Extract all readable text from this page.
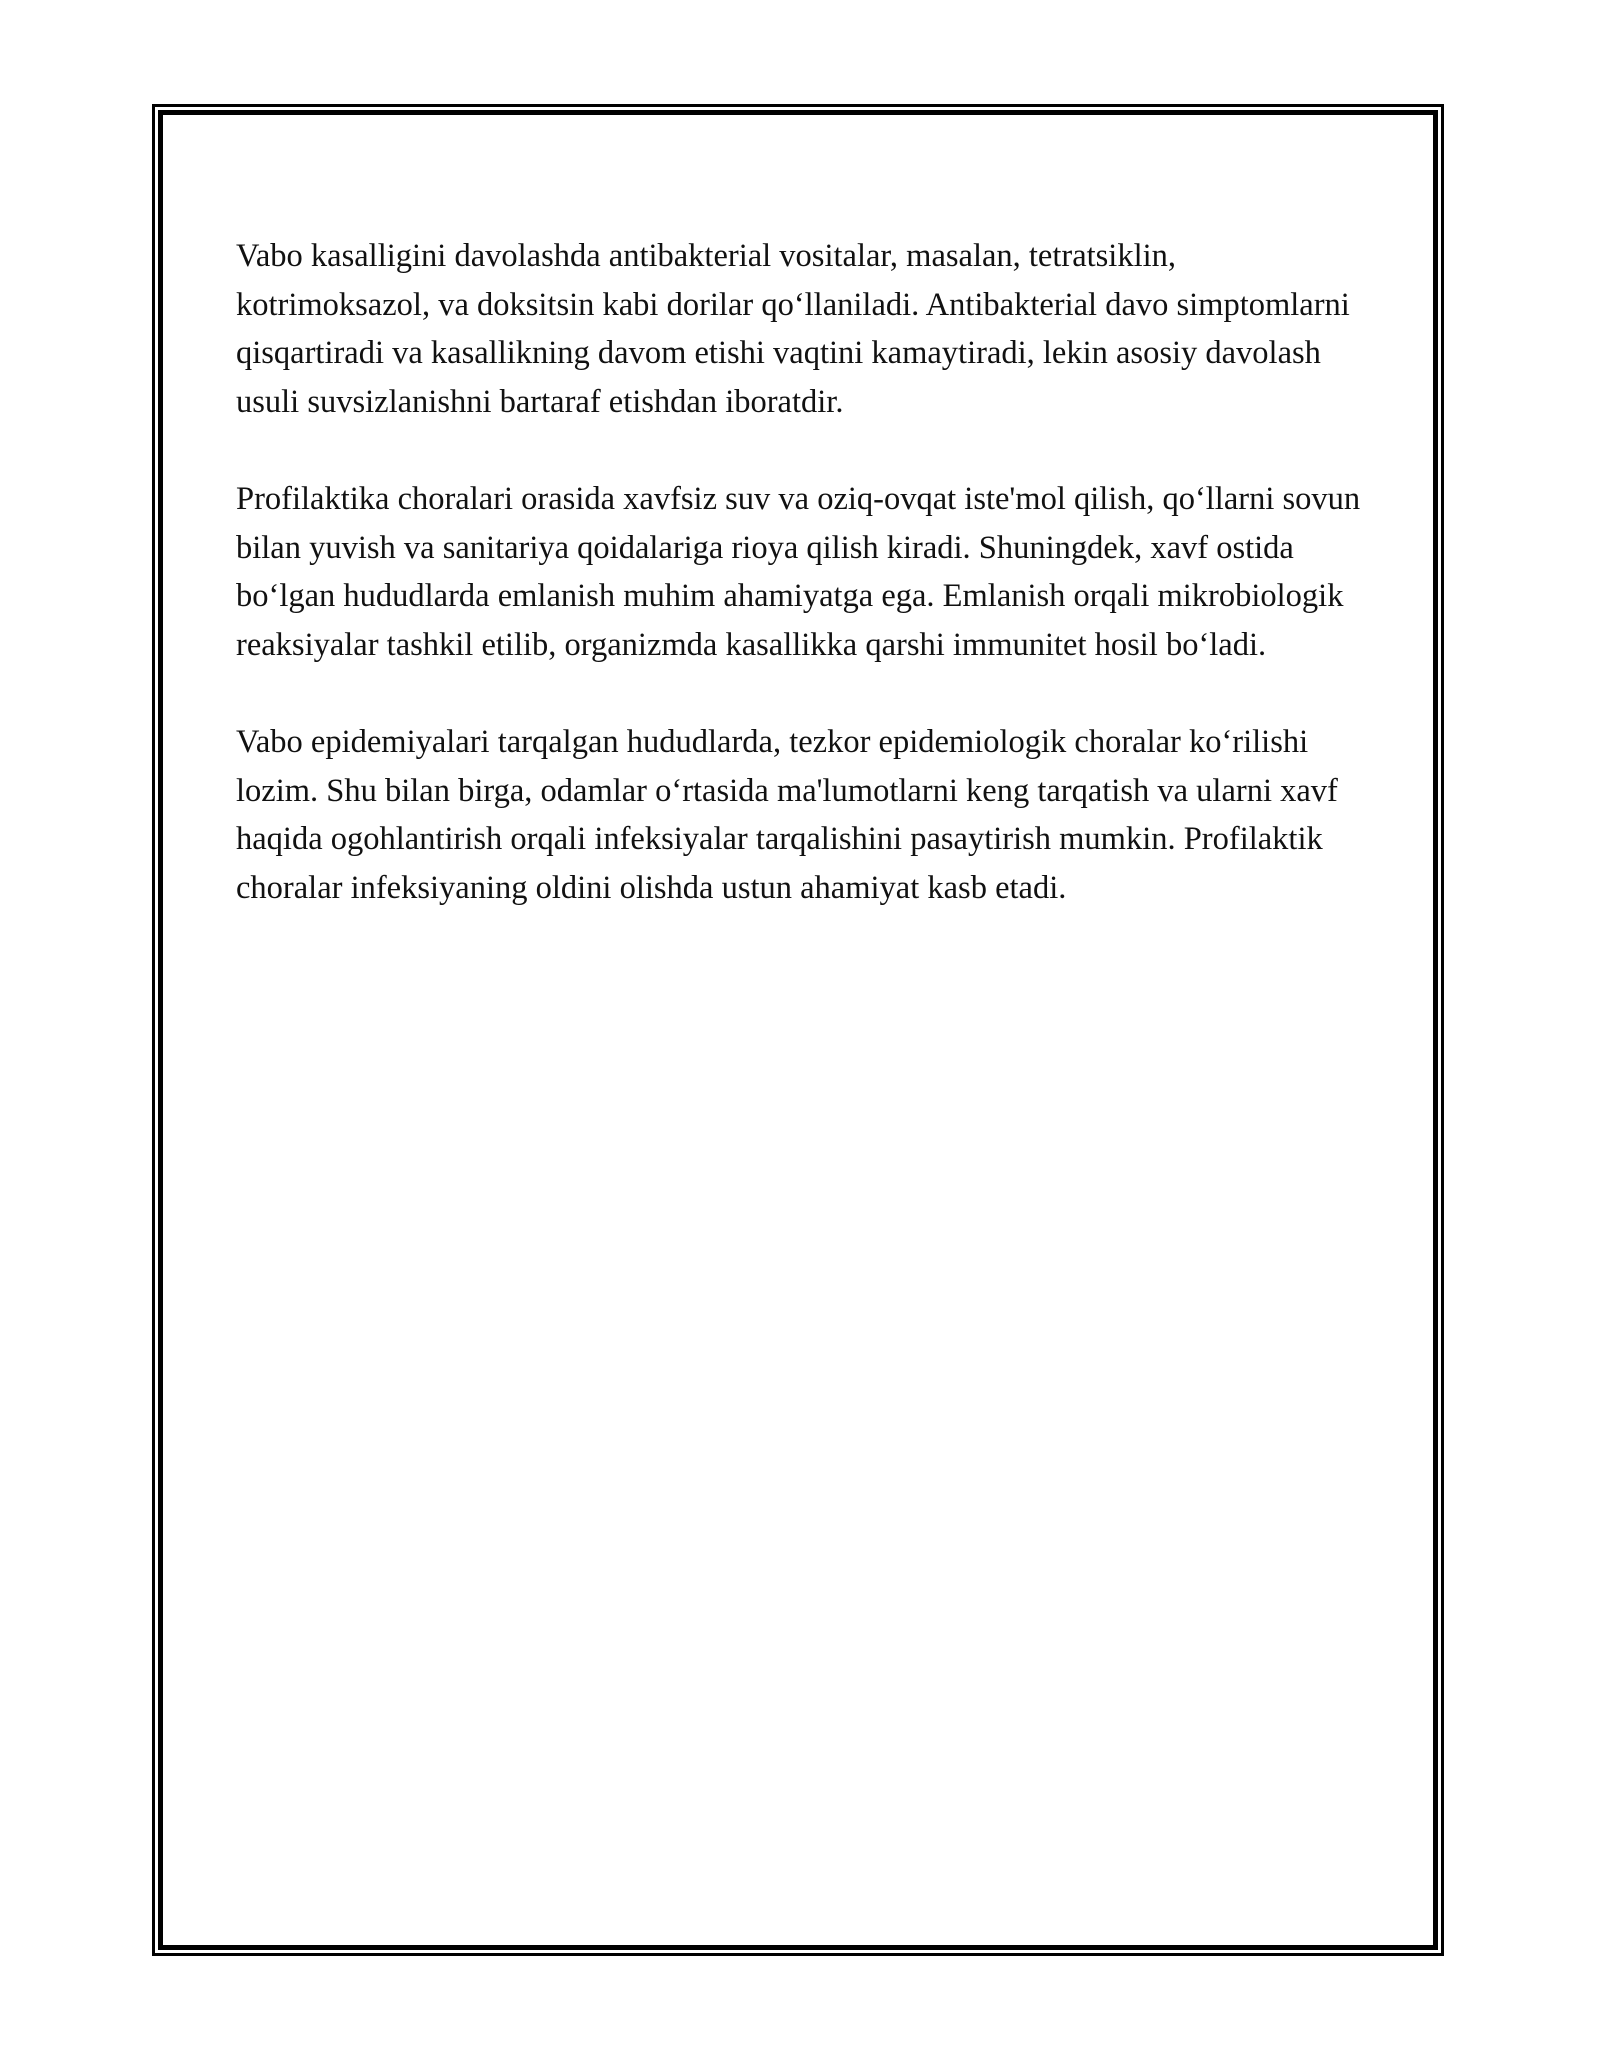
Vabo kasalligini davolashda antibakterial vositalar, masalan, tetratsiklin, kotrimoksazol, va doksitsin kabi dorilar qo‘llaniladi. Antibakterial davo simptomlarni qisqartiradi va kasallikning davom etishi vaqtini kamaytiradi, lekin asosiy davolash usuli suvsizlanishni bartaraf etishdan iboratdir.

Profilaktika choralari orasida xavfsiz suv va oziq-ovqat iste'mol qilish, qo‘llarni sovun bilan yuvish va sanitariya qoidalariga rioya qilish kiradi. Shuningdek, xavf ostida bo‘lgan hududlarda emlanish muhim ahamiyatga ega. Emlanish orqali mikrobiologik reaksiyalar tashkil etilib, organizmda kasallikka qarshi immunitet hosil bo‘ladi.

Vabo epidemiyalari tarqalgan hududlarda, tezkor epidemiologik choralar ko‘rilishi lozim. Shu bilan birga, odamlar o‘rtasida ma'lumotlarni keng tarqatish va ularni xavf haqida ogohlantirish orqali infeksiyalar tarqalishini pasaytirish mumkin. Profilaktik choralar infeksiyaning oldini olishda ustun ahamiyat kasb etadi.
